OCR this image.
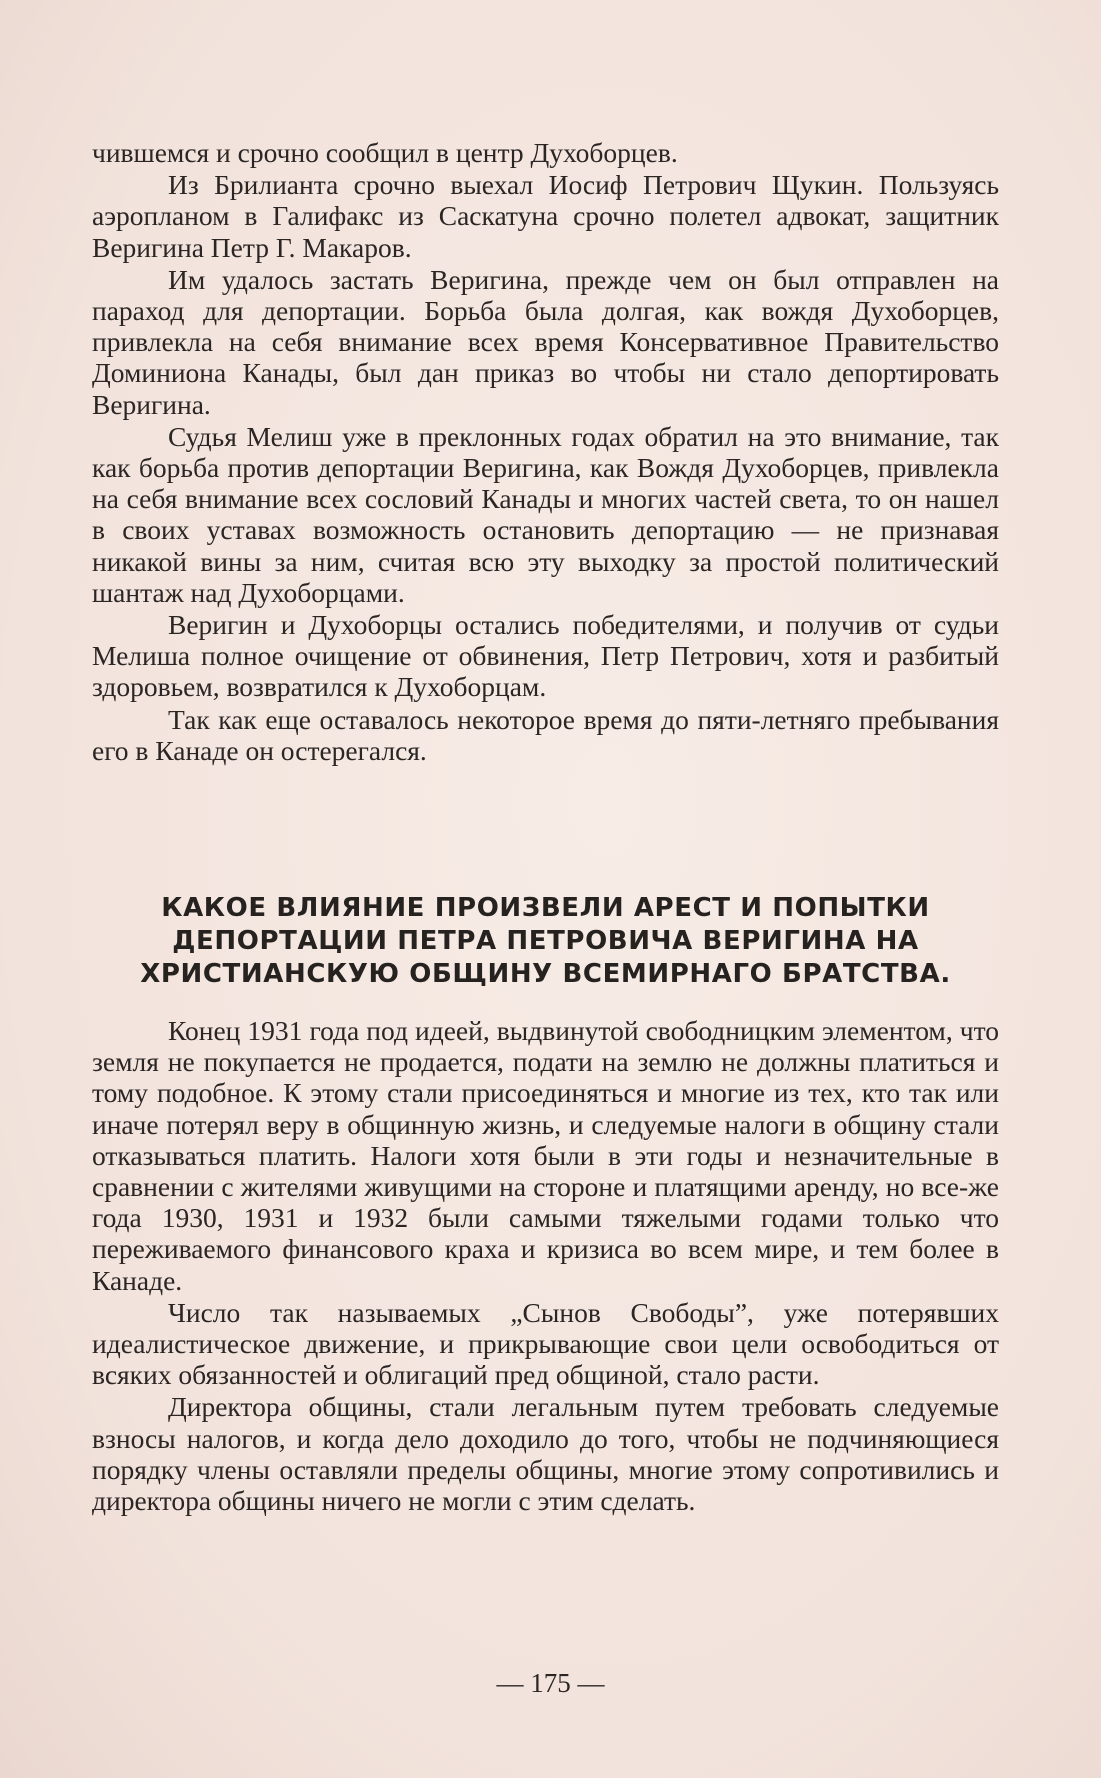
чившемся и срочно сообщил в центр Духоборцев.

Из Брилианта срочно выехал Иосиф Петрович Щукин. Пользуясь аэропланом в Галифакс из Саскатуна срочно полетел адвокат, защитник Веригина Петр Г. Макаров.

Им удалось застать Веригина, прежде чем он был отправлен на параход для депортации. Борьба была долгая, как вождя Духоборцев, привлекла на себя внимание всех время Консервативное Правительство Доминиона Канады, был дан приказ во чтобы ни стало депортировать Веригина.

Судья Мелиш уже в преклонных годах обратил на это внимание, так как борьба против депортации Веригина, как Вождя Духоборцев, привлекла на себя внимание всех сословий Канады и многих частей света, то он нашел в своих уставах возможность остановить депортацию — не признавая никакой вины за ним, считая всю эту выходку за простой политический шантаж над Духоборцами.

Веригин и Духоборцы остались победителями, и получив от судьи Мелиша полное очищение от обвинения, Петр Петрович, хотя и разбитый здоровьем, возвратился к Духоборцам.

Так как еще оставалось некоторое время до пяти-летняго пребывания его в Канаде он остерегался.

КАКОЕ ВЛИЯНИЕ ПРОИЗВЕЛИ АРЕСТ И ПОПЫТКИ
ДЕПОРТАЦИИ ПЕТРА ПЕТРОВИЧА ВЕРИГИНА НА
ХРИСТИАНСКУЮ ОБЩИНУ ВСЕМИРНАГО БРАТСТВА.

Конец 1931 года под идеей, выдвинутой свободницким элементом, что земля не покупается не продается, подати на землю не должны платиться и тому подобное. К этому стали присоединяться и многие из тех, кто так или иначе потерял веру в общинную жизнь, и следуемые налоги в общину стали отказываться платить. Налоги хотя были в эти годы и незначительные в сравнении с жителями живущими на стороне и платящими аренду, но все-же года 1930, 1931 и 1932 были самыми тяжелыми годами только что переживаемого финансового краха и кризиса во всем мире, и тем более в Канаде.

Число так называемых „Сынов Свободы”, уже потерявших идеалистическое движение, и прикрывающие свои цели освободиться от всяких обязанностей и облигаций пред общиной, стало расти.

Директора общины, стали легальным путем требовать следуемые взносы налогов, и когда дело доходило до того, чтобы не подчиняющиеся порядку члены оставляли пределы общины, многие этому сопротивились и директора общины ничего не могли с этим сделать.

— 175 —
